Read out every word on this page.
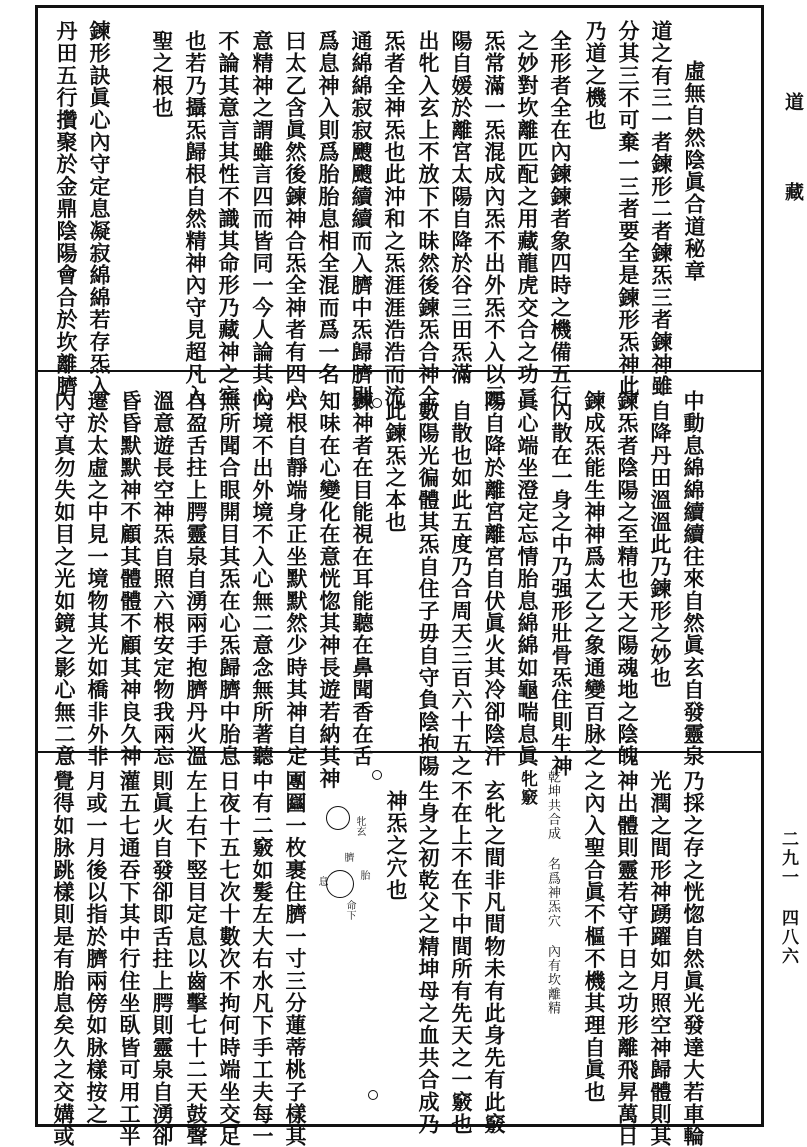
道
藏
二九一 四八六
虛無自然陰眞合道秘章
道之有三一者鍊形二者鍊炁三者鍊神雖
分其三不可棄一三者要全是鍊形炁神此
乃道之機也
全形者全在內鍊鍊者象四時之機備五行
之妙對坎離匹配之用藏龍虎交合之功二
炁常滿一炁混成內炁不出外炁不入以元
陽自媛於離宮太陽自降於谷三田炁滿
出牝入玄上不放下不昧然後鍊炁合神全
炁者全神炁也此沖和之炁涯涯浩浩而流
通綿綿寂寂颼颼續續而入臍中炁歸臍則
爲息神入則爲胎胎息相全混而爲一名
曰太乙含眞然後鍊神合炁全神者有四心
意精神之謂雖言四而皆同一今人論其心
不論其意言其性不識其命形乃藏神之宅
也若乃攝炁歸根自然精神內守見超凡入
聖之根也
鍊形訣眞心內守定息凝寂綿綿若存炁入
丹田五行攢聚於金鼎陰陽會合於坎離臍
中動息綿綿續續往來自然眞玄自發靈泉
自降丹田溫溫此乃鍊形之妙也
鍊炁者陰陽之至精也天之陽魂地之陰魄
鍊成炁能生神神爲太乙之象通變百脉之
內散在一身之中乃强形壯骨炁住則生神
眞心端坐澄定忘情胎息綿綿如龜喘息眞
陽自降於離宮離宮自伏眞火其冷卻陰汗
自散也如此五度乃合周天三百六十五之
數陽光徧體其炁自住子毋自守負陰抱陽
此鍊炁之本也
鍊神者在目能視在耳能聽在鼻聞香在舌
知味在心變化在意恍惚其神長遊若納其神
六根自靜端身正坐默默然少時其神自定
內境不出外境不入心無二意念無所著聽
無所聞合眼開目其炁在心炁歸臍中胎息
自盈舌拄上腭靈泉自湧兩手抱臍丹火溫
溫意遊長空神炁自照六根安定物我兩忘
昏昏默默神不顧其體體不顧其神良久神
遷於太虛之中見一境物其光如橋非外非
內守真勿失如目之光如鏡之影心無二意
乃採之存之恍惚自然眞光發達大若車輪
光潤之間形神踴躍如月照空神歸體則其
神出體則靈若守千日之功形離飛昇萬日
之內入聖合眞不樞不機其理自眞也
神炁之穴也	玄牝之間非凡間物未有此身先有此竅
不在上不在下中間所有先天之一竅也
生身之初乾父之精坤母之血共合成乃
團圝一枚裹住臍一寸三分蓮蒂桃子樣其
中有二竅如髮左大右水凡下手工夫每一
日夜十五七次十數次不拘何時端坐交足
左上右下竪目定息以齒擊七十二天鼓聲
則眞火自發卻即舌拄上腭則靈泉自湧卻
灌五七通吞下其中行住坐臥皆可用工半
月或一月後以指於臍兩傍如脉樣按之
覺得如脉跳樣則是有胎息矣久之交媾或	牝竅 乾坤共合成 名爲神炁穴 內有坎離精
牝玄
臍
息
胎
命下
